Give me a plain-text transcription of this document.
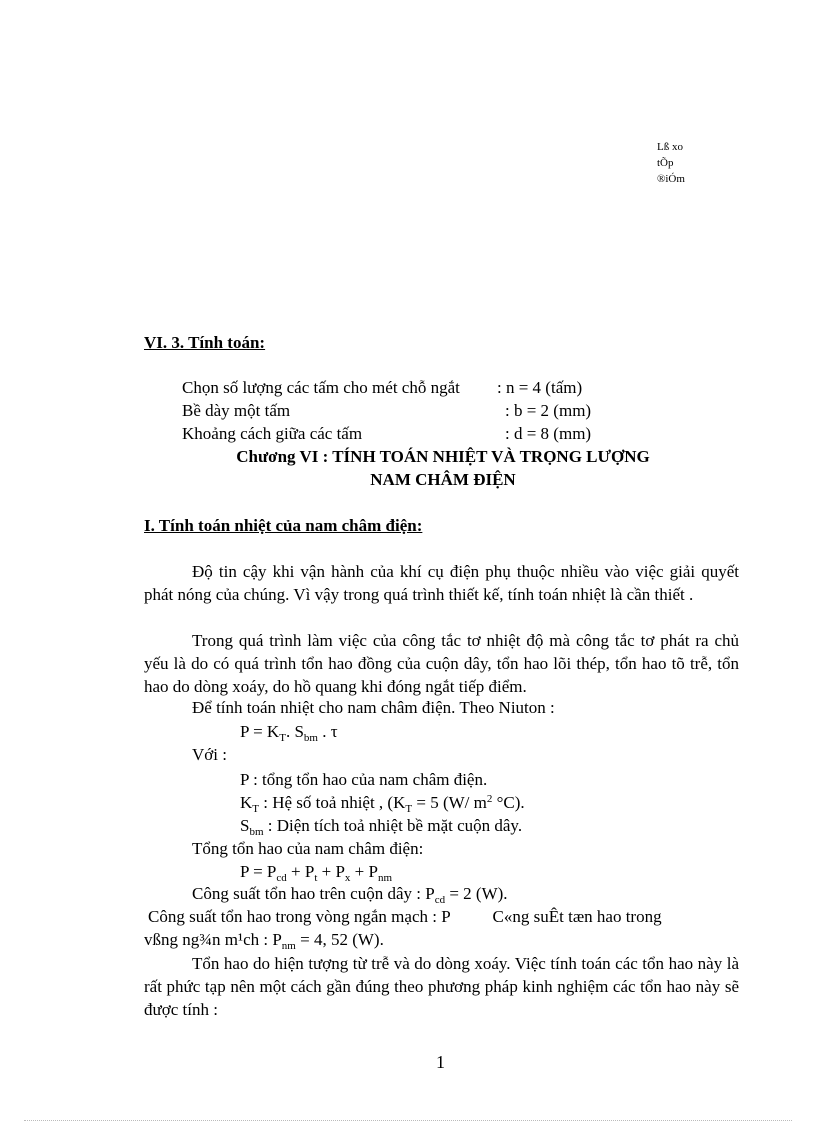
Lß xo
tÕp
®iÓm
VI. 3. Tính toán:
Chọn số lượng các tấm cho mét chỗ ngắt : n = 4 (tấm)
Bề dày một tấm	: b = 2 (mm)
Khoảng cách giữa các tấm	: d = 8 (mm)
Chương VI : TÍNH TOÁN NHIỆT VÀ TRỌNG LƯỢNG
NAM CHÂM ĐIỆN
I. Tính toán nhiệt của nam châm điện:

Độ tin cậy khi vận hành của khí cụ điện phụ thuộc nhiều vào việc giải quyết phát nóng của chúng. Vì vậy trong quá trình thiết kế, tính toán nhiệt là cần thiết .

Trong quá trình làm việc của công tắc tơ nhiệt độ mà công tắc tơ phát ra chủ yếu là do có quá trình tổn hao đồng của cuộn dây, tổn hao lõi thép, tổn hao tõ trễ, tổn hao do dòng xoáy, do hồ quang khi đóng ngắt tiếp điểm.

Để tính toán nhiệt cho nam châm điện. Theo Niuton :
$P = K_T$. $S_{bm}$ . τ
Với :
P : tổng tổn hao của nam châm điện.
$K_T$ : Hệ số toả nhiệt , ($K_T = 5$ (W/ $m^2$ °C).
$S_{bm}$ : Diện tích toả nhiệt bề mặt cuộn dây.
Tổng tổn hao của nam châm điện:
$P = P_{cd} + P_t + P_x + P_{nm}$
Công suất tổn hao trên cuộn dây : $P_{cd} = 2$ (W).
Công suất tổn hao trong vòng ngắn mạch : P          C«ng suÊt tæn hao trong
vßng ng¾n m¹ch : $P_{nm} = 4$, 52 (W).

Tổn hao do hiện tượng từ trễ và do dòng xoáy. Việc tính toán các tổn hao này là rất phức tạp nên một cách gần đúng theo phương pháp kinh nghiệm các tổn hao này sẽ được tính :

1
